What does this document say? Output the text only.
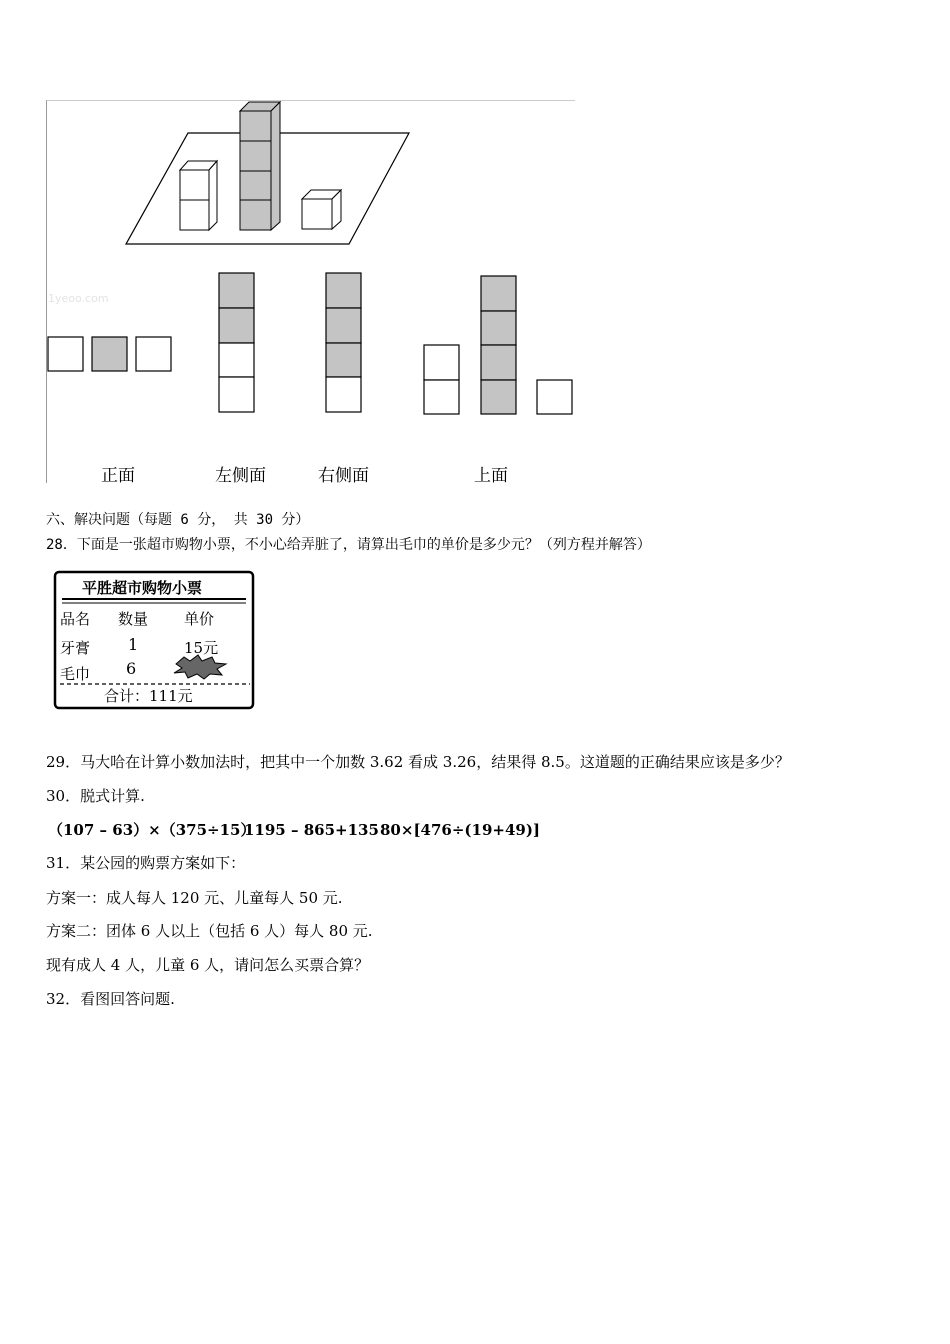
1yeoo.com
正面	左侧面	右侧面	上面
六、解决问题（每题 6 分， 共 30 分）
28．下面是一张超市购物小票，不小心给弄脏了，请算出毛巾的单价是多少元？（列方程并解答）
平胜超市购物小票
品名 数量 单价
牙膏 1	15元
毛巾 6
合计：111元
29．马大哈在计算小数加法时，把其中一个加数 3.62 看成 3.26，结果得 8.5。这道题的正确结果应该是多少？
30．脱式计算.
（107 – 63）×（375÷15）
1195 – 865+135 80×[476÷(19+49)]
31．某公园的购票方案如下：
方案一：成人每人 120 元、儿童每人 50 元.
方案二：团体 6 人以上（包括 6 人）每人 80 元.
现有成人 4 人，儿童 6 人，请问怎么买票合算？
32．看图回答问题.
